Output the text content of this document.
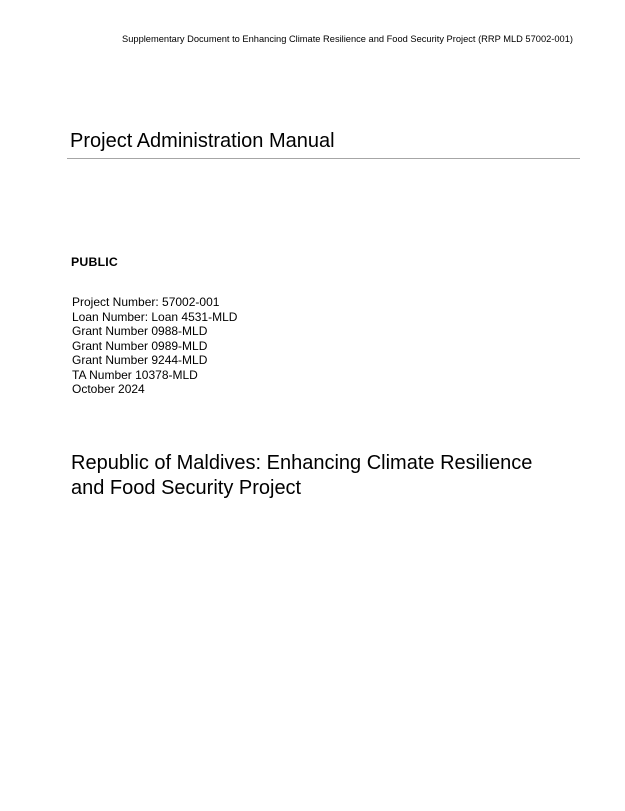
Supplementary Document to Enhancing Climate Resilience and Food Security Project (RRP MLD 57002-001)
Project Administration Manual
PUBLIC
Project Number: 57002-001
Loan Number: Loan 4531-MLD
Grant Number 0988-MLD
Grant Number 0989-MLD
Grant Number 9244-MLD
TA Number 10378-MLD
October 2024
Republic of Maldives: Enhancing Climate Resilience
and Food Security Project
